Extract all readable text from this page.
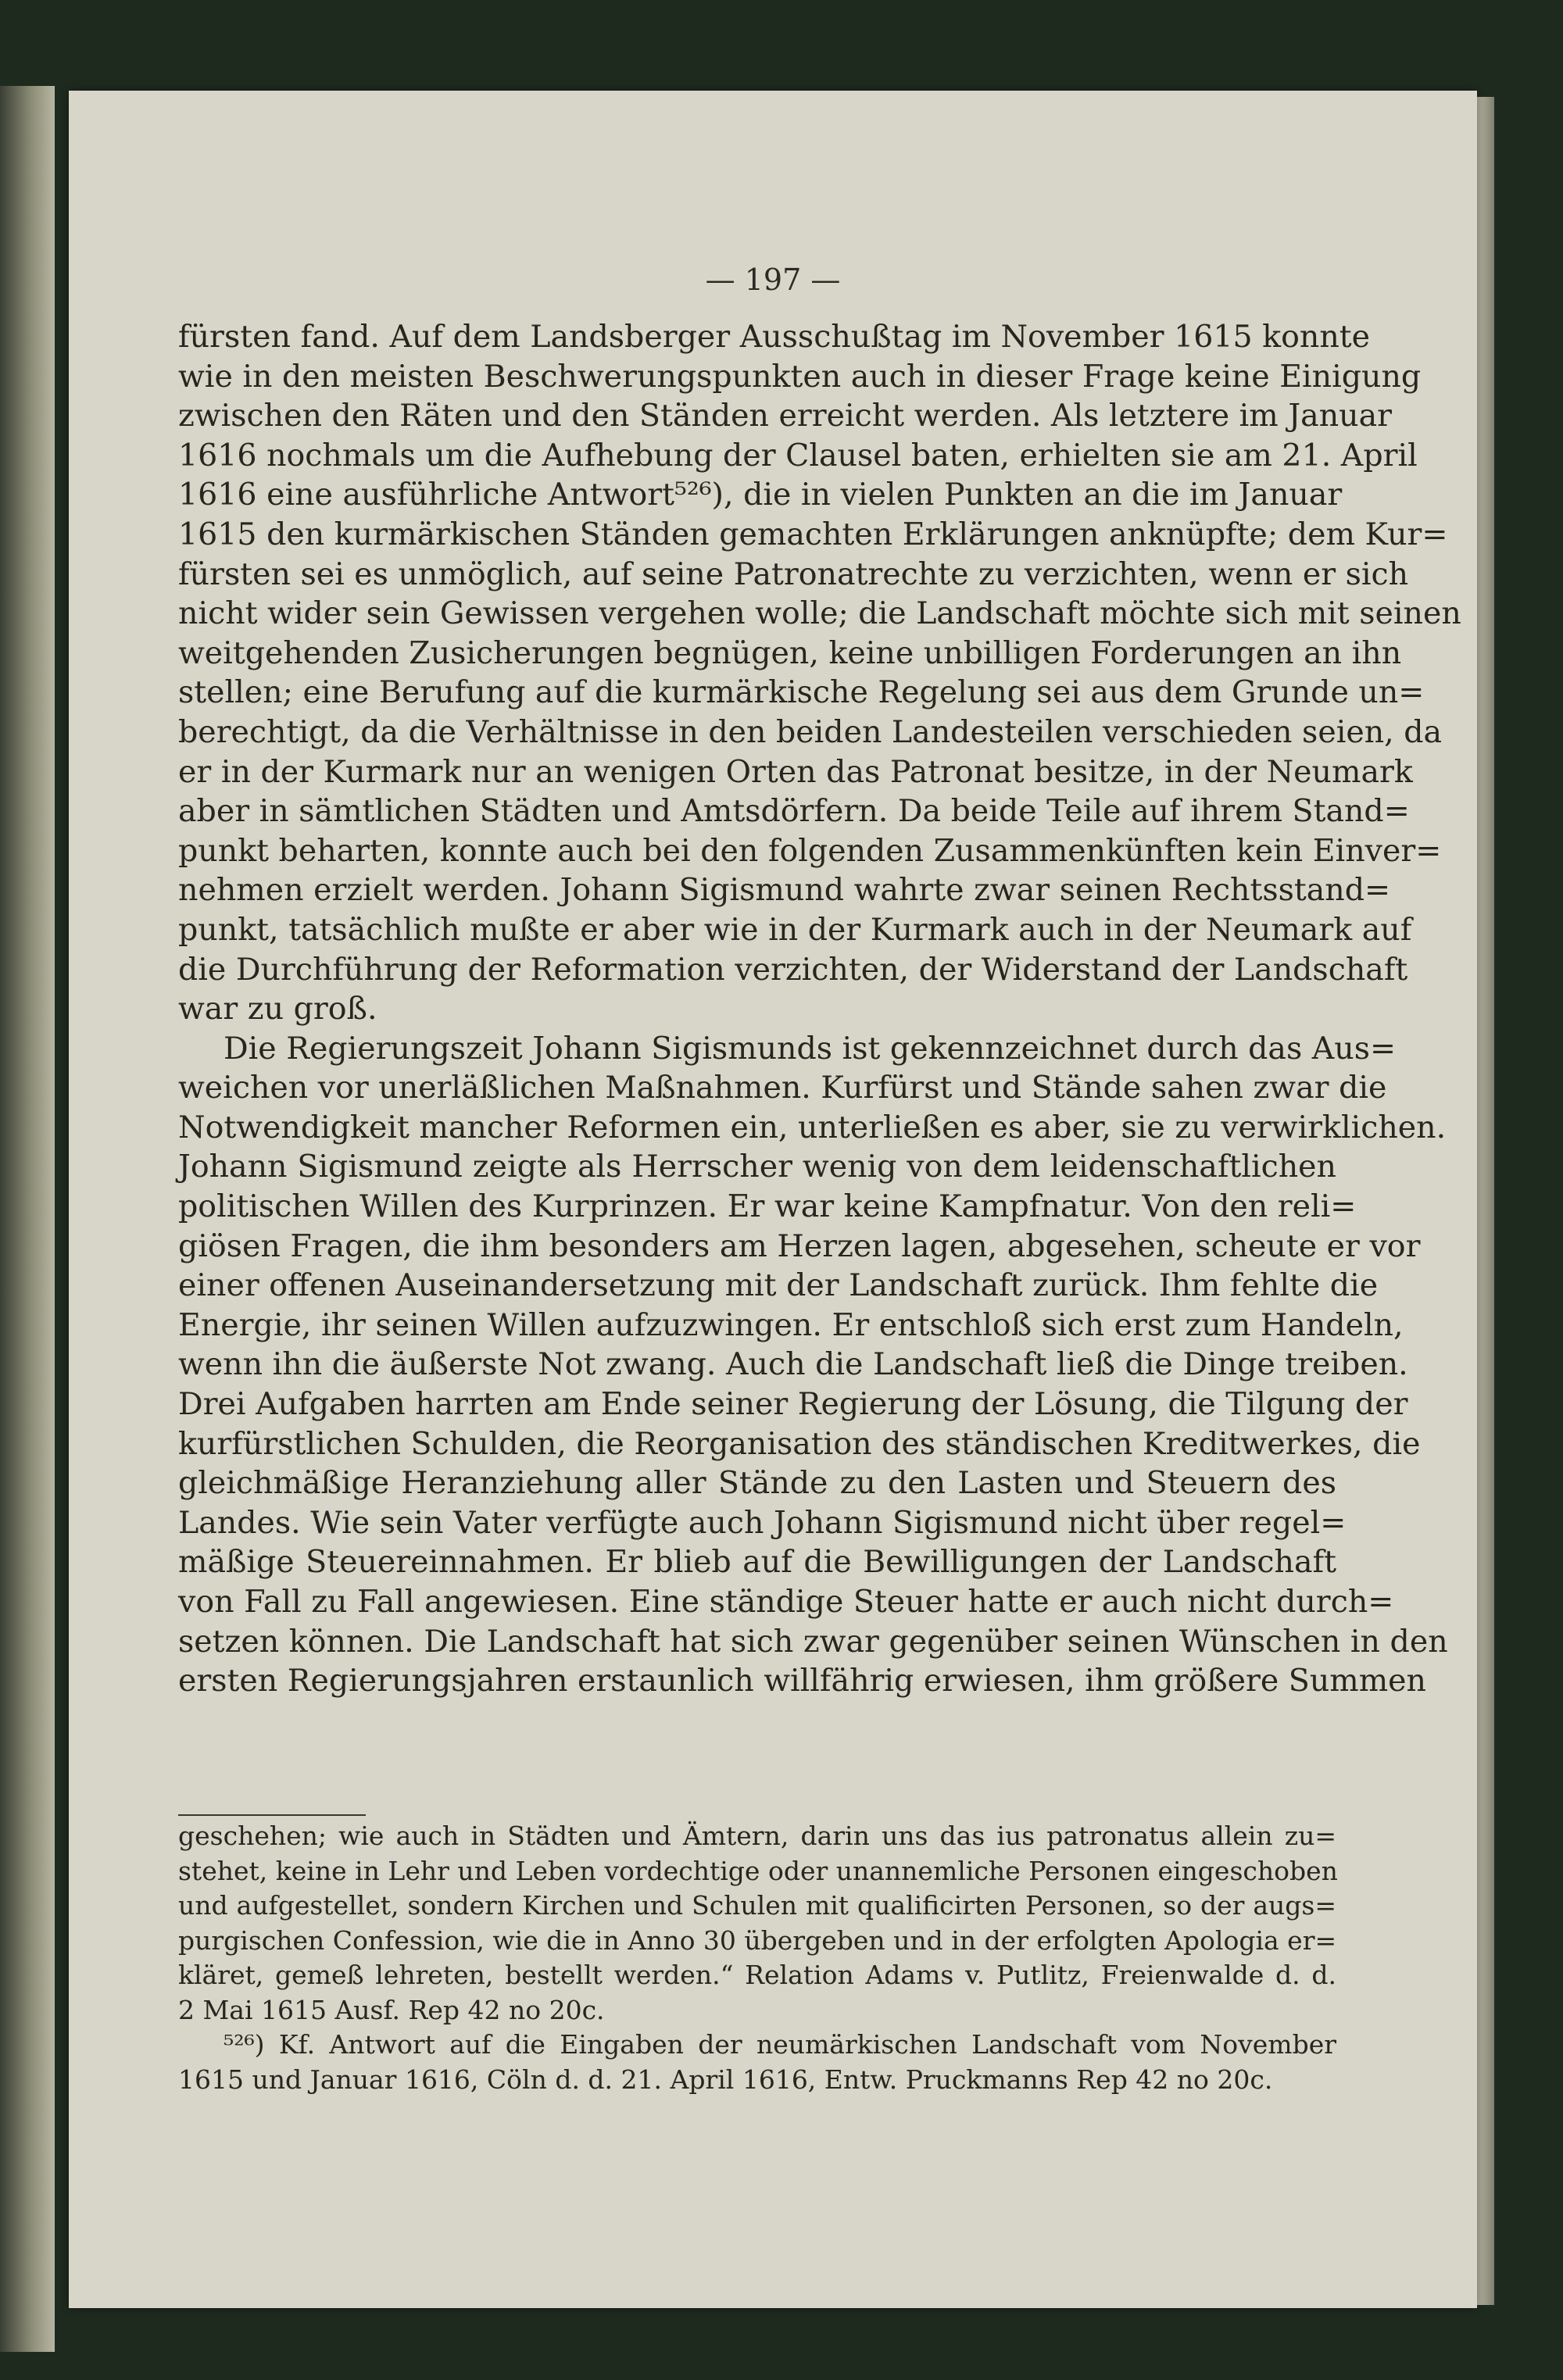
— 197 —
fürsten fand. Auf dem Landsberger Ausschußtag im November 1615 konnte
wie in den meisten Beschwerungspunkten auch in dieser Frage keine Einigung
zwischen den Räten und den Ständen erreicht werden. Als letztere im Januar
1616 nochmals um die Aufhebung der Clausel baten, erhielten sie am 21. April
1616 eine ausführliche Antwort⁵²⁶), die in vielen Punkten an die im Januar
1615 den kurmärkischen Ständen gemachten Erklärungen anknüpfte; dem Kur=
fürsten sei es unmöglich, auf seine Patronatrechte zu verzichten, wenn er sich
nicht wider sein Gewissen vergehen wolle; die Landschaft möchte sich mit seinen
weitgehenden Zusicherungen begnügen, keine unbilligen Forderungen an ihn
stellen; eine Berufung auf die kurmärkische Regelung sei aus dem Grunde un=
berechtigt, da die Verhältnisse in den beiden Landesteilen verschieden seien, da
er in der Kurmark nur an wenigen Orten das Patronat besitze, in der Neumark
aber in sämtlichen Städten und Amtsdörfern. Da beide Teile auf ihrem Stand=
punkt beharten, konnte auch bei den folgenden Zusammenkünften kein Einver=
nehmen erzielt werden. Johann Sigismund wahrte zwar seinen Rechtsstand=
punkt, tatsächlich mußte er aber wie in der Kurmark auch in der Neumark auf
die Durchführung der Reformation verzichten, der Widerstand der Landschaft
war zu groß.
Die Regierungszeit Johann Sigismunds ist gekennzeichnet durch das Aus=
weichen vor unerläßlichen Maßnahmen. Kurfürst und Stände sahen zwar die
Notwendigkeit mancher Reformen ein, unterließen es aber, sie zu verwirklichen.
Johann Sigismund zeigte als Herrscher wenig von dem leidenschaftlichen
politischen Willen des Kurprinzen. Er war keine Kampfnatur. Von den reli=
giösen Fragen, die ihm besonders am Herzen lagen, abgesehen, scheute er vor
einer offenen Auseinandersetzung mit der Landschaft zurück. Ihm fehlte die
Energie, ihr seinen Willen aufzuzwingen. Er entschloß sich erst zum Handeln,
wenn ihn die äußerste Not zwang. Auch die Landschaft ließ die Dinge treiben.
Drei Aufgaben harrten am Ende seiner Regierung der Lösung, die Tilgung der
kurfürstlichen Schulden, die Reorganisation des ständischen Kreditwerkes, die
gleichmäßige Heranziehung aller Stände zu den Lasten und Steuern des
Landes. Wie sein Vater verfügte auch Johann Sigismund nicht über regel=
mäßige Steuereinnahmen. Er blieb auf die Bewilligungen der Landschaft
von Fall zu Fall angewiesen. Eine ständige Steuer hatte er auch nicht durch=
setzen können. Die Landschaft hat sich zwar gegenüber seinen Wünschen in den
ersten Regierungsjahren erstaunlich willfährig erwiesen, ihm größere Summen
geschehen; wie auch in Städten und Ämtern, darin uns das ius patronatus allein zu=
stehet, keine in Lehr und Leben vordechtige oder unannemliche Personen eingeschoben
und aufgestellet, sondern Kirchen und Schulen mit qualificirten Personen, so der augs=
purgischen Confession, wie die in Anno 30 übergeben und in der erfolgten Apologia er=
kläret, gemeß lehreten, bestellt werden.“ Relation Adams v. Putlitz, Freienwalde d. d.
2 Mai 1615 Ausf. Rep 42 no 20c.
⁵²⁶) Kf. Antwort auf die Eingaben der neumärkischen Landschaft vom November
1615 und Januar 1616, Cöln d. d. 21. April 1616, Entw. Pruckmanns Rep 42 no 20c.
